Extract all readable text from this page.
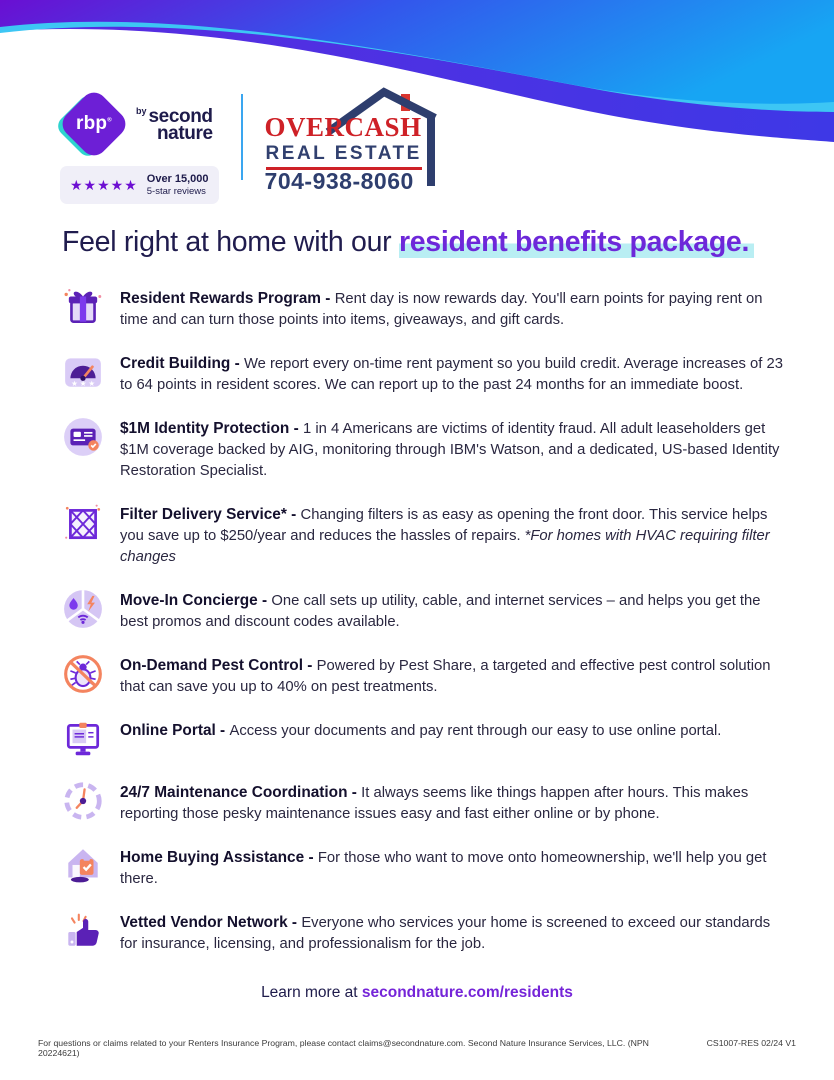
rbp®
$^{by}$ second
nature
★★★★★ Over 15,000
5-star reviews
OVERCASH
REAL ESTATE
704-938-8060
Feel right at home with our resident benefits package.

Resident Rewards Program - Rent day is now rewards day. You'll earn points for paying rent on time and can turn those points into items, giveaways, and gift cards.

Credit Building - We report every on-time rent payment so you build credit. Average increases of 23 to 64 points in resident scores. We can report up to the past 24 months for an immediate boost.

$1M Identity Protection - 1 in 4 Americans are victims of identity fraud. All adult leaseholders get $1M coverage backed by AIG, monitoring through IBM's Watson, and a dedicated, US-based Identity Restoration Specialist.

Filter Delivery Service* - Changing filters is as easy as opening the front door. This service helps you save up to $250/year and reduces the hassles of repairs. *For homes with HVAC requiring filter changes

Move-In Concierge - One call sets up utility, cable, and internet services – and helps you get the best promos and discount codes available.

On-Demand Pest Control - Powered by Pest Share, a targeted and effective pest control solution that can save you up to 40% on pest treatments.

Online Portal - Access your documents and pay rent through our easy to use online portal.

24/7 Maintenance Coordination - It always seems like things happen after hours. This makes reporting those pesky maintenance issues easy and fast either online or by phone.

Home Buying Assistance - For those who want to move onto homeownership, we'll help you get there.

Vetted Vendor Network - Everyone who services your home is screened to exceed our standards for insurance, licensing, and professionalism for the job.

Learn more at secondnature.com/residents
For questions or claims related to your Renters Insurance Program, please contact claims@secondnature.com. Second Nature Insurance Services, LLC. (NPN 20224621)
CS1007-RES 02/24 V1
